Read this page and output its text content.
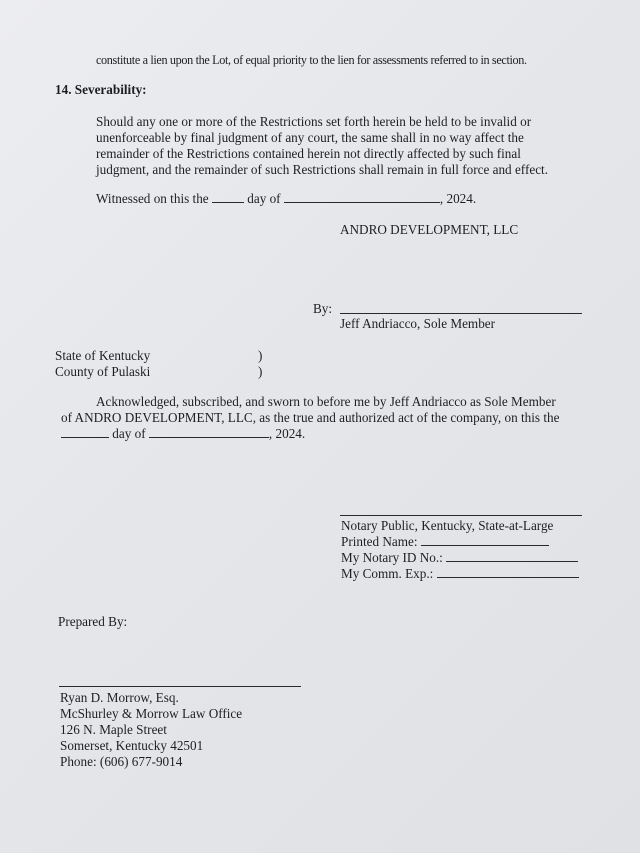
constitute a lien upon the Lot, of equal priority to the lien for assessments referred to in section.
14. Severability:
Should any one or more of the Restrictions set forth herein be held to be invalid or
unenforceable by final judgment of any court, the same shall in no way affect the
remainder of the Restrictions contained herein not directly affected by such final
judgment, and the remainder of such Restrictions shall remain in full force and effect.
Witnessed on this the	day of	, 2024.
ANDRO DEVELOPMENT, LLC
By:
Jeff Andriacco, Sole Member
State of Kentucky	)
County of Pulaski	)
Acknowledged, subscribed, and sworn to before me by Jeff Andriacco as Sole Member
of ANDRO DEVELOPMENT, LLC, as the true and authorized act of the company, on this the
day of	, 2024.
Notary Public, Kentucky, State-at-Large
Printed Name:
My Notary ID No.:
My Comm. Exp.:
Prepared By:
Ryan D. Morrow, Esq.
McShurley & Morrow Law Office
126 N. Maple Street
Somerset, Kentucky 42501
Phone: (606) 677-9014
